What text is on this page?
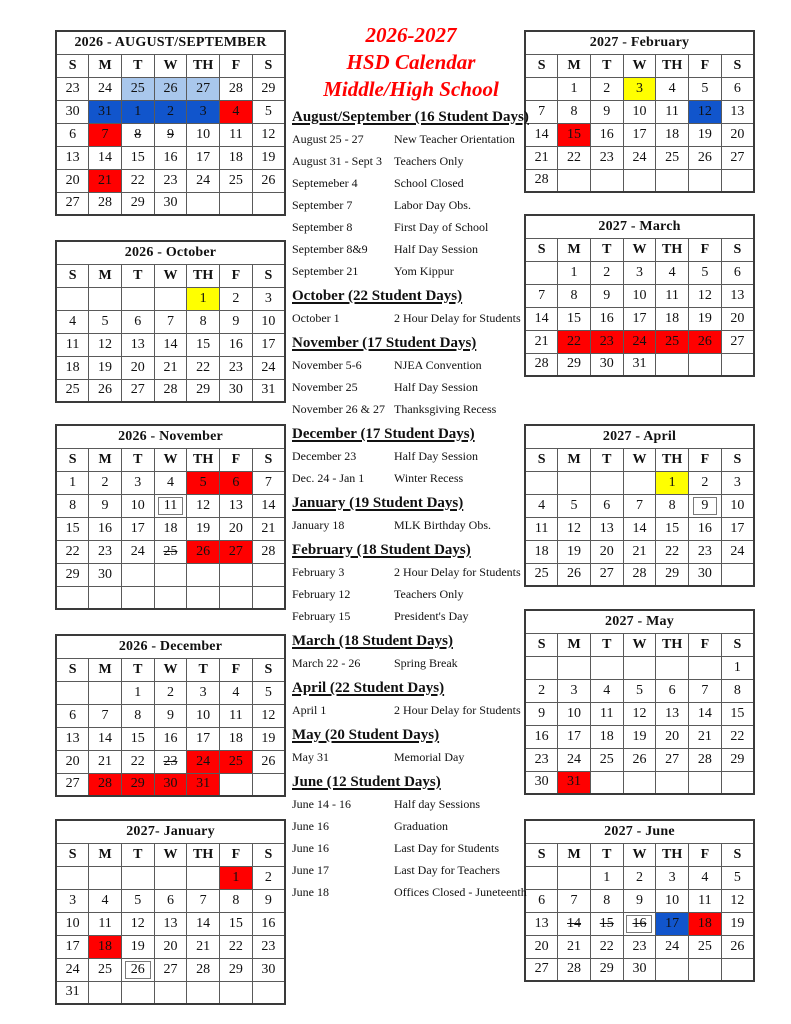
2026 - AUGUST/SEPTEMBER						
S	M	T	W	TH	F	S
23	24	25	26	27	28	29
30	31	1	2	3	4	5
6	7	8	9	10	11	12
13	14	15	16	17	18	19
20	21	22	23	24	25	26
27	28	29	30			
2026 - October						
S	M	T	W	TH	F	S
				1	2	3
4	5	6	7	8	9	10
11	12	13	14	15	16	17
18	19	20	21	22	23	24
25	26	27	28	29	30	31
2026 - November						
S	M	T	W	TH	F	S
1	2	3	4	5	6	7
8	9	10	11	12	13	14
15	16	17	18	19	20	21
22	23	24	25	26	27	28
29	30					

2026 - December						
S	M	T	W	T	F	S
		1	2	3	4	5
6	7	8	9	10	11	12
13	14	15	16	17	18	19
20	21	22	23	24	25	26
27	28	29	30	31		
2027- January						
S	M	T	W	TH	F	S
					1	2
3	4	5	6	7	8	9
10	11	12	13	14	15	16
17	18	19	20	21	22	23
24	25	26	27	28	29	30
31						
2027 - February						
S	M	T	W	TH	F	S
	1	2	3	4	5	6
7	8	9	10	11	12	13
14	15	16	17	18	19	20
21	22	23	24	25	26	27
28						
2027 - March						
S	M	T	W	TH	F	S
	1	2	3	4	5	6
7	8	9	10	11	12	13
14	15	16	17	18	19	20
21	22	23	24	25	26	27
28	29	30	31			
2027 - April						
S	M	T	W	TH	F	S
				1	2	3
4	5	6	7	8	9	10
11	12	13	14	15	16	17
18	19	20	21	22	23	24
25	26	27	28	29	30	
2027 - May						
S	M	T	W	TH	F	S
						1
2	3	4	5	6	7	8
9	10	11	12	13	14	15
16	17	18	19	20	21	22
23	24	25	26	27	28	29
30	31					
2027 - June						
S	M	T	W	TH	F	S
		1	2	3	4	5
6	7	8	9	10	11	12
13	14	15	16	17	18	19
20	21	22	23	24	25	26
27	28	29	30			
2026-2027
HSD Calendar
Middle/High School
August/September (16 Student Days)
August 25 - 27	New Teacher Orientation
August 31 - Sept 3	Teachers Only
Septemeber 4	School Closed
September 7	Labor Day Obs.
September 8	First Day of School
September 8&9	Half Day Session
September 21	Yom Kippur
October (22 Student Days)
October 1	2 Hour Delay for Students
November (17 Student Days)
November 5-6	NJEA Convention
November 25	Half Day Session
November 26 & 27 Thanksgiving Recess
December (17 Student Days)
December 23	Half Day Session
Dec. 24 - Jan 1	Winter Recess
January (19 Student Days)
January 18	MLK Birthday Obs.
February (18 Student Days)
February 3	2 Hour Delay for Students
February 12	Teachers Only
February 15	President's Day
March (18 Student Days)
March 22 - 26	Spring Break
April (22 Student Days)
April 1	2 Hour Delay for Students
May (20 Student Days)
May 31	Memorial Day
June (12 Student Days)
June 14 - 16	Half day Sessions
June 16	Graduation
June 16	Last Day for Students
June 17	Last Day for Teachers
June 18	Offices Closed - Juneteenth
